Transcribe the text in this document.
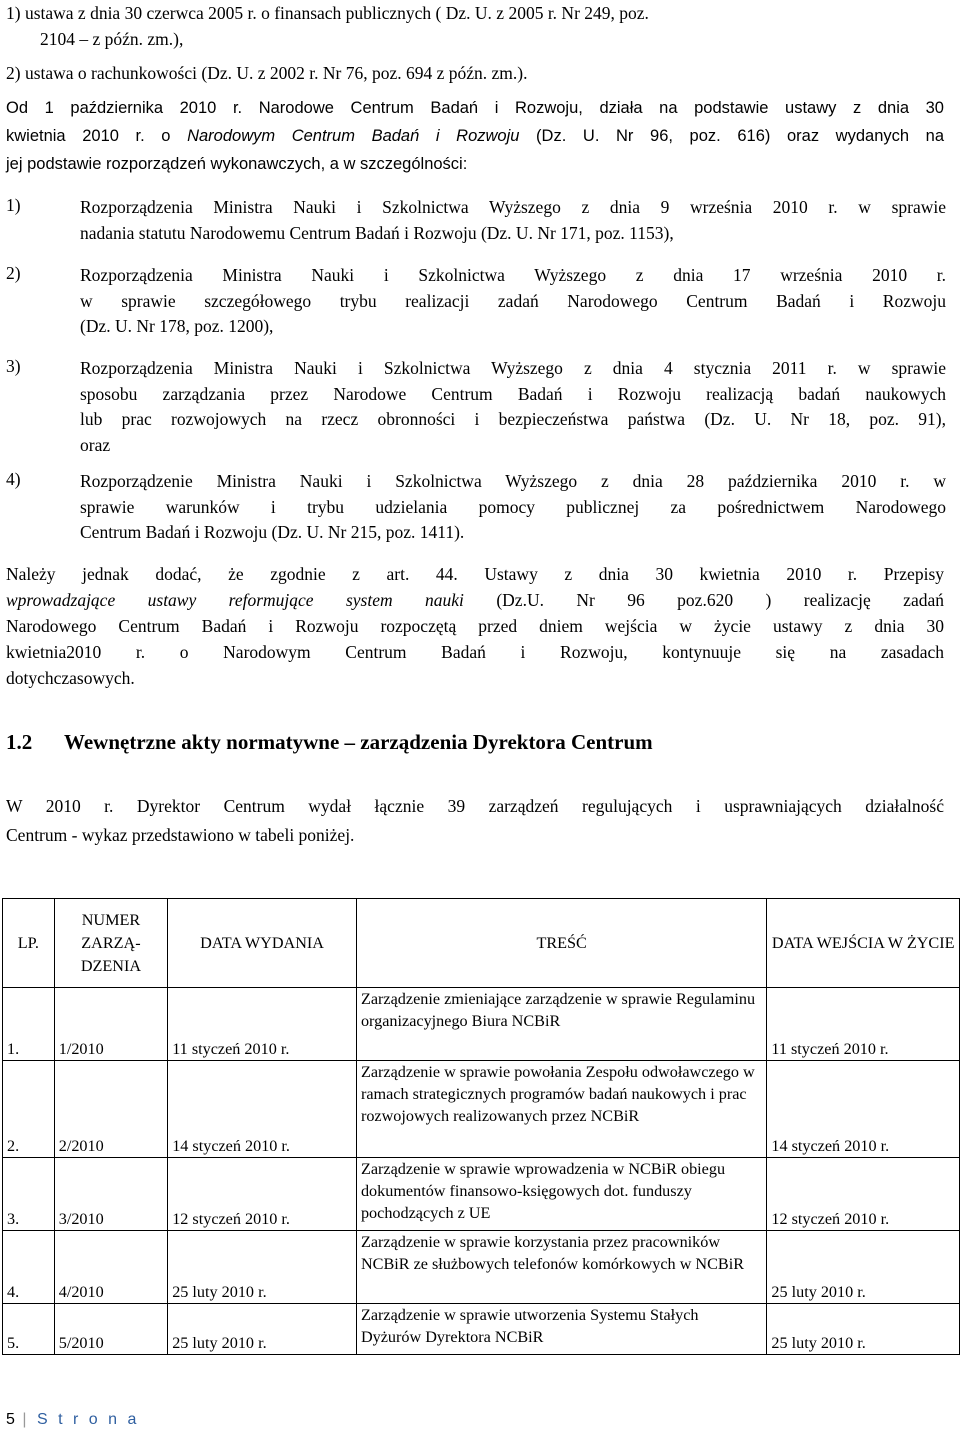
1) ustawa z dnia 30 czerwca 2005 r. o finansach publicznych ( Dz. U. z 2005 r. Nr 249, poz.
2104 – z późn. zm.),
2) ustawa o rachunkowości (Dz. U. z 2002 r. Nr 76, poz. 694 z późn. zm.).
Od 1 października 2010 r. Narodowe Centrum Badań i Rozwoju, działa na podstawie ustawy z dnia 30
kwietnia 2010 r. o Narodowym Centrum Badań i Rozwoju (Dz. U. Nr 96, poz. 616) oraz wydanych na
jej podstawie rozporządzeń wykonawczych, a w szczególności:
1)	Rozporządzenia Ministra Nauki i Szkolnictwa Wyższego z dnia 9 września 2010 r. w sprawie
nadania statutu Narodowemu Centrum Badań i Rozwoju (Dz. U. Nr 171, poz. 1153),
2)	Rozporządzenia Ministra Nauki i Szkolnictwa Wyższego z dnia 17 września 2010 r.
w sprawie szczegółowego trybu realizacji zadań Narodowego Centrum Badań i Rozwoju
(Dz. U. Nr 178, poz. 1200),
3)	Rozporządzenia Ministra Nauki i Szkolnictwa Wyższego z dnia 4 stycznia 2011 r. w sprawie
sposobu zarządzania przez Narodowe Centrum Badań i Rozwoju realizacją badań naukowych
lub prac rozwojowych na rzecz obronności i bezpieczeństwa państwa (Dz. U. Nr 18, poz. 91),
oraz
4)	Rozporządzenie Ministra Nauki i Szkolnictwa Wyższego z dnia 28 października 2010 r. w
sprawie warunków i trybu udzielania pomocy publicznej za pośrednictwem Narodowego
Centrum Badań i Rozwoju (Dz. U. Nr 215, poz. 1411).
Należy jednak dodać, że zgodnie z art. 44. Ustawy z dnia 30 kwietnia 2010 r. Przepisy
wprowadzające ustawy reformujące system nauki (Dz.U. Nr 96 poz.620 ) realizację zadań
Narodowego Centrum Badań i Rozwoju rozpoczętą przed dniem wejścia w życie ustawy z dnia 30
kwietnia2010 r. o Narodowym Centrum Badań i Rozwoju, kontynuuje się na zasadach
dotychczasowych.
1.2 Wewnętrzne akty normatywne – zarządzenia Dyrektora Centrum
W 2010 r. Dyrektor Centrum wydał łącznie 39 zarządzeń regulujących i usprawniających działalność
Centrum - wykaz przedstawiono w tabeli poniżej.
LP.	NUMER ZARZĄ- DZENIA	DATA WYDANIA	TREŚĆ	DATA WEJŚCIA W ŻYCIE
1.	1/2010	11 styczeń 2010 r.	Zarządzenie zmieniające zarządzenie w sprawie Regulaminu organizacyjnego Biura NCBiR	11 styczeń 2010 r.
2.	2/2010	14 styczeń 2010 r.	Zarządzenie w sprawie powołania Zespołu odwoławczego w ramach strategicznych programów badań naukowych i prac rozwojowych realizowanych przez NCBiR	14 styczeń 2010 r.
3.	3/2010	12 styczeń 2010 r.	Zarządzenie w sprawie wprowadzenia w NCBiR obiegu dokumentów finansowo-księgowych dot. funduszy pochodzących z UE	12 styczeń 2010 r.
4.	4/2010	25 luty 2010 r.	Zarządzenie w sprawie korzystania przez pracowników NCBiR ze służbowych telefonów komórkowych w NCBiR	25 luty 2010 r.
5.	5/2010	25 luty 2010 r.	Zarządzenie w sprawie utworzenia Systemu Stałych Dyżurów Dyrektora NCBiR	25 luty 2010 r.
5 | S t r o n a
